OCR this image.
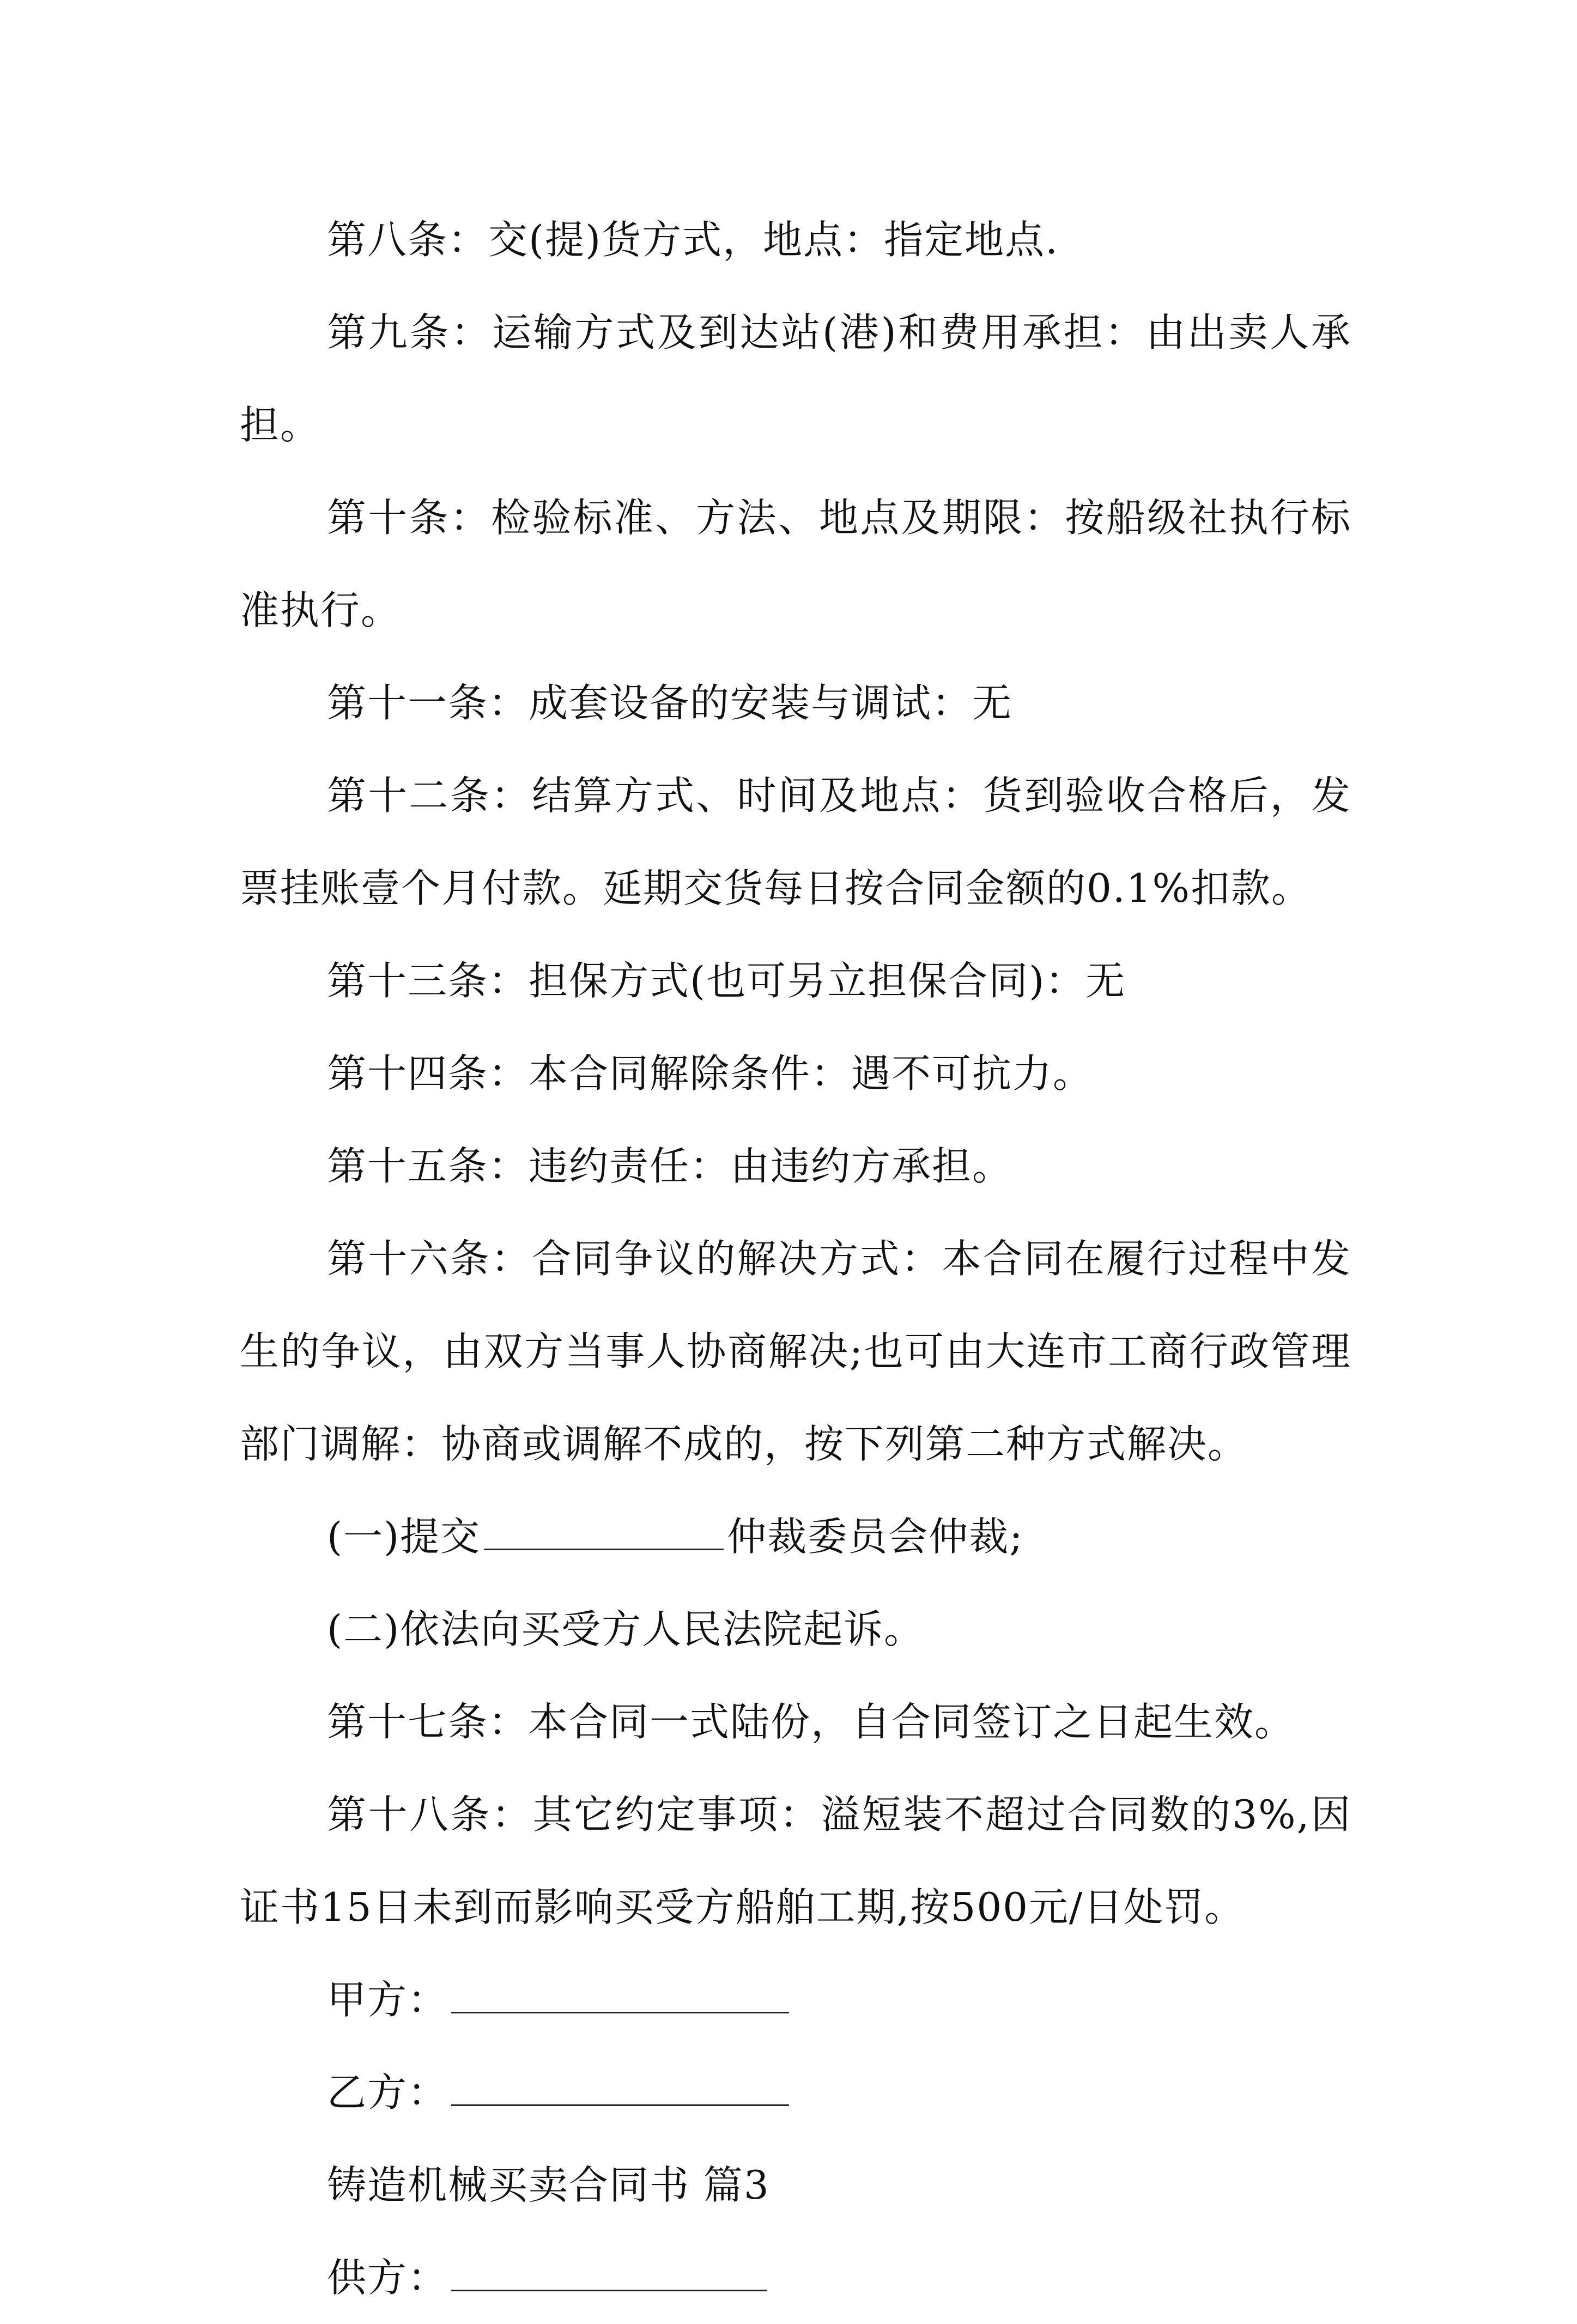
第八条：交(提)货方式，地点：指定地点.

第九条：运输方式及到达站(港)和费用承担：由出卖人承担。

第十条：检验标准、方法、地点及期限：按船级社执行标准执行。

第十一条：成套设备的安装与调试：无

第十二条：结算方式、时间及地点：货到验收合格后，发票挂账壹个月付款。延期交货每日按合同金额的0.1%扣款。

第十三条：担保方式(也可另立担保合同)：无

第十四条：本合同解除条件：遇不可抗力。

第十五条：违约责任：由违约方承担。

第十六条：合同争议的解决方式：本合同在履行过程中发生的争议，由双方当事人协商解决;也可由大连市工商行政管理部门调解：协商或调解不成的，按下列第二种方式解决。

(一)提交	仲裁委员会仲裁;

(二)依法向买受方人民法院起诉。

第十七条：本合同一式陆份，自合同签订之日起生效。

第十八条：其它约定事项：溢短装不超过合同数的3%,因证书15日未到而影响买受方船舶工期,按500元/日处罚。

甲方：

乙方：

铸造机械买卖合同书 篇3

供方：
